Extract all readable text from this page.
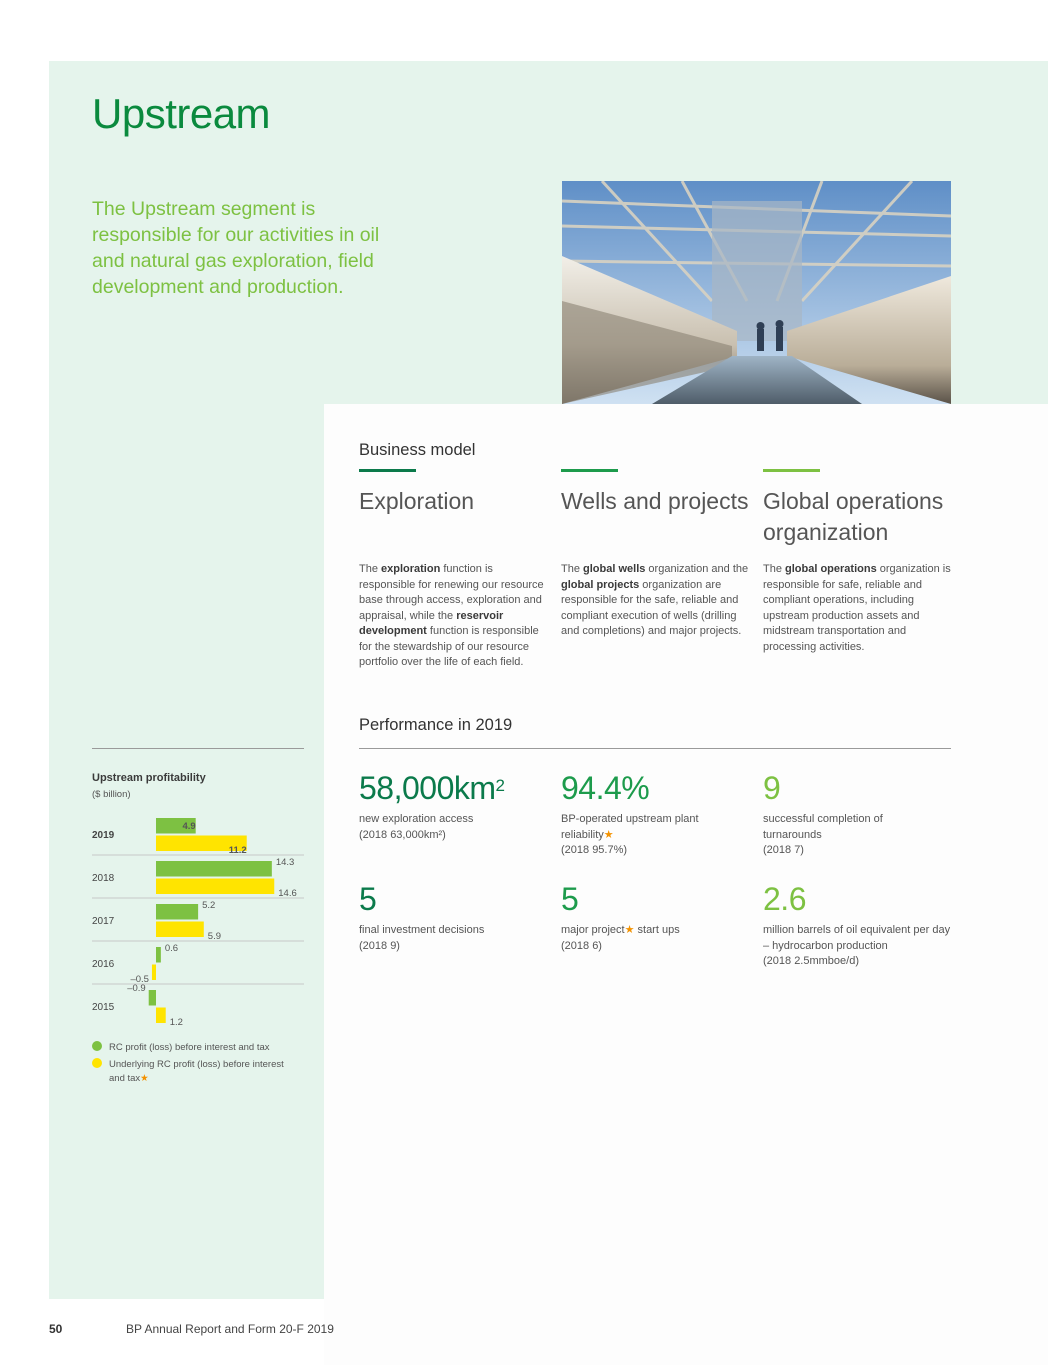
Upstream

The Upstream segment is responsible for our activities in oil and natural gas exploration, field development and production.

Business model
Exploration
The exploration function is responsible for renewing our resource base through access, exploration and appraisal, while the reservoir development function is responsible for the stewardship of our resource portfolio over the life of each field.
Wells and projects
The global wells organization and the global projects organization are responsible for the safe, reliable and compliant execution of wells (drilling and completions) and major projects.
Global operations organization
The global operations organization is responsible for safe, reliable and compliant operations, including upstream production assets and midstream transportation and processing activities.
Performance in 2019
$58,000km^2$
new exploration access
(2018 63,000km²)
94.4%
BP-operated upstream plant reliability★
(2018 95.7%)
9
successful completion of turnarounds
(2018 7)
5
final investment decisions
(2018 9)
5
major project★ start ups
(2018 6)
2.6
million barrels of oil equivalent per day – hydrocarbon production
(2018 2.5mmboe/d)
Upstream profitability
($ billion)
2019
4.9
11.2
2018
14.3
14.6
2017
5.2
5.9
2016
0.6
–0.5
2015
–0.9
1.2
RC profit (loss) before interest and tax
Underlying RC profit (loss) before interest and tax★
50	BP Annual Report and Form 20-F 2019
